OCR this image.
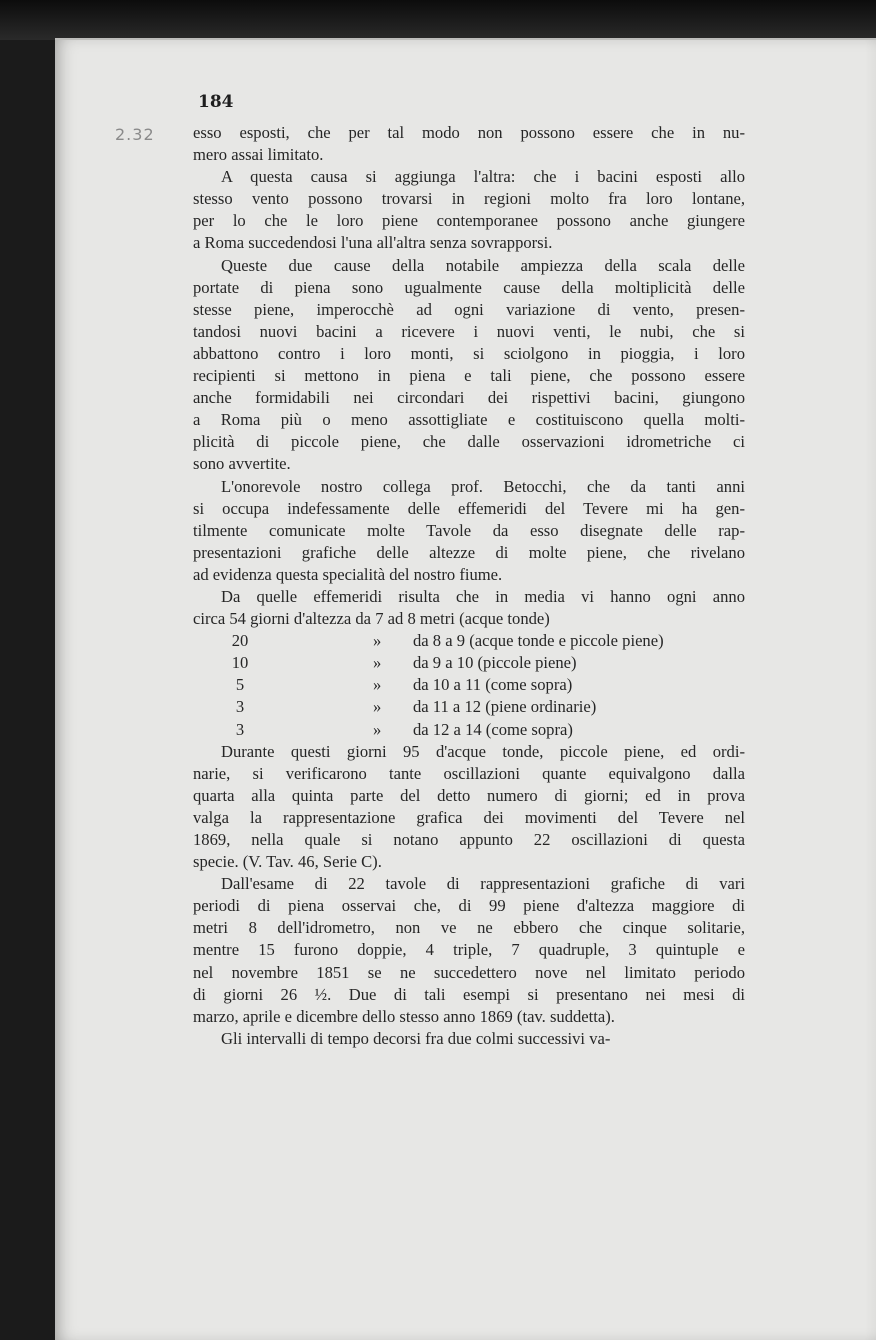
184
2.32 esso esposti, che per tal modo non possono essere che in nu-
mero assai limitato.
A questa causa si aggiunga l'altra: che i bacini esposti allo
stesso vento possono trovarsi in regioni molto fra loro lontane,
per lo che le loro piene contemporanee possono anche giungere
a Roma succedendosi l'una all'altra senza sovrapporsi.
Queste due cause della notabile ampiezza della scala delle
portate di piena sono ugualmente cause della moltiplicità delle
stesse piene, imperocchè ad ogni variazione di vento, presen-
tandosi nuovi bacini a ricevere i nuovi venti, le nubi, che si
abbattono contro i loro monti, si sciolgono in pioggia, i loro
recipienti si mettono in piena e tali piene, che possono essere
anche formidabili nei circondari dei rispettivi bacini, giungono
a Roma più o meno assottigliate e costituiscono quella molti-
plicità di piccole piene, che dalle osservazioni idrometriche ci
sono avvertite.
L'onorevole nostro collega prof. Betocchi, che da tanti anni
si occupa indefessamente delle effemeridi del Tevere mi ha gen-
tilmente comunicate molte Tavole da esso disegnate delle rap-
presentazioni grafiche delle altezze di molte piene, che rivelano
ad evidenza questa specialità del nostro fiume.
Da quelle effemeridi risulta che in media vi hanno ogni anno
circa 54 giorni d'altezza da 7 ad 8 metri (acque tonde)
20	»	da 8 a 9 (acque tonde e piccole piene)
10	»	da 9 a 10 (piccole piene)
5	»	da 10 a 11 (come sopra)
3	»	da 11 a 12 (piene ordinarie)
3	»	da 12 a 14 (come sopra)
Durante questi giorni 95 d'acque tonde, piccole piene, ed ordi-
narie, si verificarono tante oscillazioni quante equivalgono dalla
quarta alla quinta parte del detto numero di giorni; ed in prova
valga la rappresentazione grafica dei movimenti del Tevere nel
1869, nella quale si notano appunto 22 oscillazioni di questa
specie. (V. Tav. 46, Serie C).
Dall'esame di 22 tavole di rappresentazioni grafiche di vari
periodi di piena osservai che, di 99 piene d'altezza maggiore di
metri 8 dell'idrometro, non ve ne ebbero che cinque solitarie,
mentre 15 furono doppie, 4 triple, 7 quadruple, 3 quintuple e
nel novembre 1851 se ne succedettero nove nel limitato periodo
di giorni 26 ½. Due di tali esempi si presentano nei mesi di
marzo, aprile e dicembre dello stesso anno 1869 (tav. suddetta).
Gli intervalli di tempo decorsi fra due colmi successivi va-
